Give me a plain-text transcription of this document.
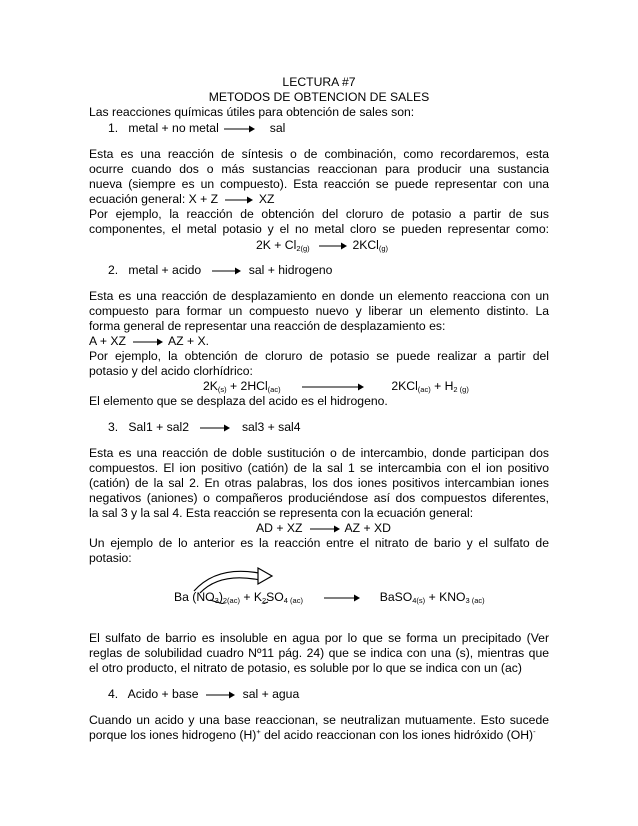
LECTURA #7
METODOS DE OBTENCION DE SALES
Las reacciones químicas útiles para obtención de sales son:
1. metal + no metal	sal
Esta es una reacción de síntesis o de combinación, como recordaremos, esta
ocurre cuando dos o más sustancias reaccionan para producir una sustancia
nueva (siempre es un compuesto). Esta reacción se puede representar con una
ecuación general: X + Z	XZ
Por ejemplo, la reacción de obtención del cloruro de potasio a partir de sus
componentes, el metal potasio y el no metal cloro se pueden representar como:
$2K + Cl_{2(g)}$	2KCl$_{(g)}$
2. metal + acido	sal + hidrogeno
Esta es una reacción de desplazamiento en donde un elemento reacciona con un
compuesto para formar un compuesto nuevo y liberar un elemento distinto. La
forma general de representar una reacción de desplazamiento es:
A + XZ	AZ + X.
Por ejemplo, la obtención de cloruro de potasio se puede realizar a partir del
potasio y del acido clorhídrico:
$2K_{(s)} + 2HCl_{(ac)}$	$2KCl_{(ac)} + H_{2 (g)}$
El elemento que se desplaza del acido es el hidrogeno.
3. Sal1 + sal2	sal3 + sal4
Esta es una reacción de doble sustitución o de intercambio, donde participan dos
compuestos. El ion positivo (catión) de la sal 1 se intercambia con el ion positivo
(catión) de la sal 2. En otras palabras, los dos iones positivos intercambian iones
negativos (aniones) o compañeros produciéndose así dos compuestos diferentes,
la sal 3 y la sal 4. Esta reacción se representa con la ecuación general:
AD + XZ	AZ + XD
Un ejemplo de lo anterior es la reacción entre el nitrato de bario y el sulfato de
potasio:
Ba $(NO_3)_{2(ac)} + K_2SO_{4 (ac)}$	BaSO$_{4(s)}$ + $KNO_{3 (ac)}$
El sulfato de barrio es insoluble en agua por lo que se forma un precipitado (Ver
reglas de solubilidad cuadro Nº11 pág. 24) que se indica con una (s), mientras que
el otro producto, el nitrato de potasio, es soluble por lo que se indica con un (ac)
4. Acido + base	sal + agua
Cuando un acido y una base reaccionan, se neutralizan mutuamente. Esto sucede
porque los iones hidrogeno (H)+ del acido reaccionan con los iones hidróxido (OH)-
